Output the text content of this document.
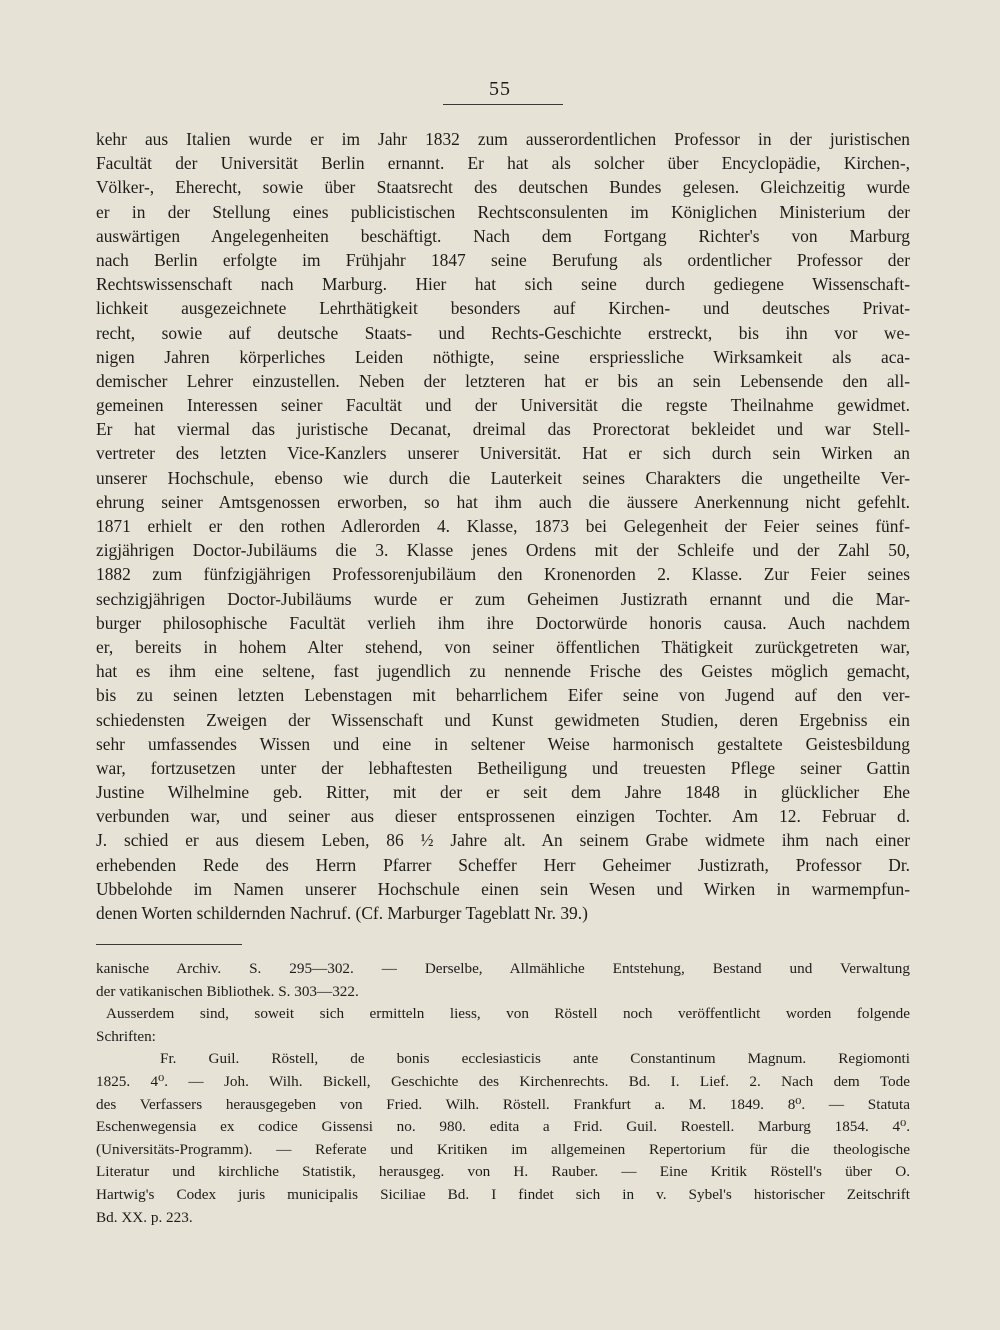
55
kehr aus Italien wurde er im Jahr 1832 zum ausserordentlichen Professor in der juristischen
Facultät der Universität Berlin ernannt. Er hat als solcher über Encyclopädie, Kirchen-,
Völker-, Eherecht, sowie über Staatsrecht des deutschen Bundes gelesen. Gleichzeitig wurde
er in der Stellung eines publicistischen Rechtsconsulenten im Königlichen Ministerium der
auswärtigen Angelegenheiten beschäftigt. Nach dem Fortgang Richter's von Marburg
nach Berlin erfolgte im Frühjahr 1847 seine Berufung als ordentlicher Professor der
Rechtswissenschaft nach Marburg. Hier hat sich seine durch gediegene Wissenschaft-
lichkeit ausgezeichnete Lehrthätigkeit besonders auf Kirchen- und deutsches Privat-
recht, sowie auf deutsche Staats- und Rechts-Geschichte erstreckt, bis ihn vor we-
nigen Jahren körperliches Leiden nöthigte, seine erspriessliche Wirksamkeit als aca-
demischer Lehrer einzustellen. Neben der letzteren hat er bis an sein Lebensende den all-
gemeinen Interessen seiner Facultät und der Universität die regste Theilnahme gewidmet.
Er hat viermal das juristische Decanat, dreimal das Prorectorat bekleidet und war Stell-
vertreter des letzten Vice-Kanzlers unserer Universität. Hat er sich durch sein Wirken an
unserer Hochschule, ebenso wie durch die Lauterkeit seines Charakters die ungetheilte Ver-
ehrung seiner Amtsgenossen erworben, so hat ihm auch die äussere Anerkennung nicht gefehlt.
1871 erhielt er den rothen Adlerorden 4. Klasse, 1873 bei Gelegenheit der Feier seines fünf-
zigjährigen Doctor-Jubiläums die 3. Klasse jenes Ordens mit der Schleife und der Zahl 50,
1882 zum fünfzigjährigen Professorenjubiläum den Kronenorden 2. Klasse. Zur Feier seines
sechzigjährigen Doctor-Jubiläums wurde er zum Geheimen Justizrath ernannt und die Mar-
burger philosophische Facultät verlieh ihm ihre Doctorwürde honoris causa. Auch nachdem
er, bereits in hohem Alter stehend, von seiner öffentlichen Thätigkeit zurückgetreten war,
hat es ihm eine seltene, fast jugendlich zu nennende Frische des Geistes möglich gemacht,
bis zu seinen letzten Lebenstagen mit beharrlichem Eifer seine von Jugend auf den ver-
schiedensten Zweigen der Wissenschaft und Kunst gewidmeten Studien, deren Ergebniss ein
sehr umfassendes Wissen und eine in seltener Weise harmonisch gestaltete Geistesbildung
war, fortzusetzen unter der lebhaftesten Betheiligung und treuesten Pflege seiner Gattin
Justine Wilhelmine geb. Ritter, mit der er seit dem Jahre 1848 in glücklicher Ehe
verbunden war, und seiner aus dieser entsprossenen einzigen Tochter. Am 12. Februar d.
J. schied er aus diesem Leben, 86 ½ Jahre alt. An seinem Grabe widmete ihm nach einer
erhebenden Rede des Herrn Pfarrer Scheffer Herr Geheimer Justizrath, Professor Dr.
Ubbelohde im Namen unserer Hochschule einen sein Wesen und Wirken in warmempfun-
denen Worten schildernden Nachruf. (Cf. Marburger Tageblatt Nr. 39.)
kanische Archiv. S. 295—302. — Derselbe, Allmähliche Entstehung, Bestand und Verwaltung
der vatikanischen Bibliothek. S. 303—322.
Ausserdem sind, soweit sich ermitteln liess, von Röstell noch veröffentlicht worden folgende
Schriften:
Fr. Guil. Röstell, de bonis ecclesiasticis ante Constantinum Magnum. Regiomonti
1825. 4⁰. — Joh. Wilh. Bickell, Geschichte des Kirchenrechts. Bd. I. Lief. 2. Nach dem Tode
des Verfassers herausgegeben von Fried. Wilh. Röstell. Frankfurt a. M. 1849. 8⁰. — Statuta
Eschenwegensia ex codice Gissensi no. 980. edita a Frid. Guil. Roestell. Marburg 1854. 4⁰.
(Universitäts-Programm). — Referate und Kritiken im allgemeinen Repertorium für die theologische
Literatur und kirchliche Statistik, herausgeg. von H. Rauber. — Eine Kritik Röstell's über O.
Hartwig's Codex juris municipalis Siciliae Bd. I findet sich in v. Sybel's historischer Zeitschrift
Bd. XX. p. 223.
